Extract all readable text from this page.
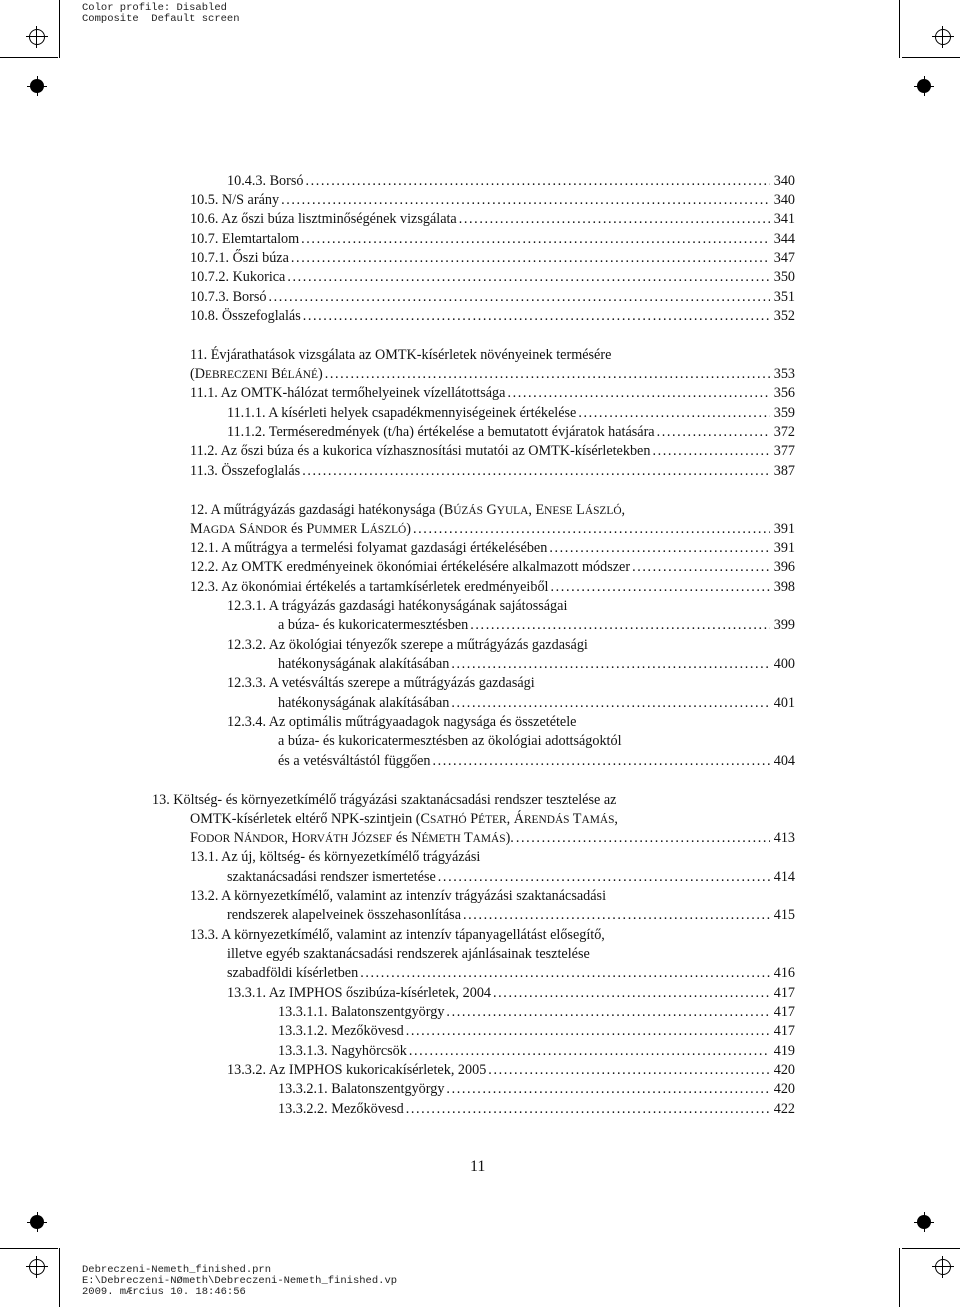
Color profile: Disabled
Composite  Default screen
Debreczeni-Nemeth_finished.prn
E:\Debreczeni-NØmeth\Debreczeni-Nemeth_finished.vp
2009. mÆrcius 10. 18:46:56
10.4.3. Borsó .....	340
10.5. N/S arány .....	340
10.6. Az őszi búza lisztminőségének vizsgálata .....	341
10.7. Elemtartalom .....	344
10.7.1. Őszi búza .....	347
10.7.2. Kukorica .....	350
10.7.3. Borsó .....	351
10.8. Összefoglalás .....	352
11. Évjárathatások vizsgálata az OMTK-kísérletek növényeinek termésére
(DEBRECZENI BÉLÁNÉ) .....	353
11.1. Az OMTK-hálózat termőhelyeinek vízellátottsága .....	356
11.1.1. A kísérleti helyek csapadékmennyiségeinek értékelése .....	359
11.1.2. Terméseredmények (t/ha) értékelése a bemutatott évjáratok hatására .....	372
11.2. Az őszi búza és a kukorica vízhasznosítási mutatói az OMTK-kísérletekben .....	377
11.3. Összefoglalás .....	387
12. A műtrágyázás gazdasági hatékonysága (BÚZÁS GYULA, ENESE LÁSZLÓ,
MAGDA SÁNDOR és PUMMER LÁSZLÓ) .....	391
12.1. A műtrágya a termelési folyamat gazdasági értékelésében .....	391
12.2. Az OMTK eredményeinek ökonómiai értékelésére alkalmazott módszer .....	396
12.3. Az ökonómiai értékelés a tartamkísérletek eredményeiből .....	398
12.3.1. A trágyázás gazdasági hatékonyságának sajátosságai
a búza- és kukoricatermesztésben .....	399
12.3.2. Az ökológiai tényezők szerepe a műtrágyázás gazdasági
hatékonyságának alakításában .....	400
12.3.3. A vetésváltás szerepe a műtrágyázás gazdasági
hatékonyságának alakításában .....	401
12.3.4. Az optimális műtrágyaadagok nagysága és összetétele
a búza- és kukoricatermesztésben az ökológiai adottságoktól
és a vetésváltástól függően .....	404
13. Költség- és környezetkímélő trágyázási szaktanácsadási rendszer tesztelése az
OMTK-kísérletek eltérő NPK-szintjein (CSATHÓ PÉTER, ÁRENDÁS TAMÁS,
FODOR NÁNDOR, HORVÁTH JÓZSEF és NÉMETH TAMÁS). .....	413
13.1. Az új, költség- és környezetkímélő trágyázási
szaktanácsadási rendszer ismertetése .....	414
13.2. A környezetkímélő, valamint az intenzív trágyázási szaktanácsadási
rendszerek alapelveinek összehasonlítása .....	415
13.3. A környezetkímélő, valamint az intenzív tápanyagellátást elősegítő,
illetve egyéb szaktanácsadási rendszerek ajánlásainak tesztelése
szabadföldi kísérletben .....	416
13.3.1. Az IMPHOS őszibúza-kísérletek, 2004 .....	417
13.3.1.1. Balatonszentgyörgy .....	417
13.3.1.2. Mezőkövesd .....	417
13.3.1.3. Nagyhörcsök .....	419
13.3.2. Az IMPHOS kukoricakísérletek, 2005 .....	420
13.3.2.1. Balatonszentgyörgy .....	420
13.3.2.2. Mezőkövesd .....	422
11
